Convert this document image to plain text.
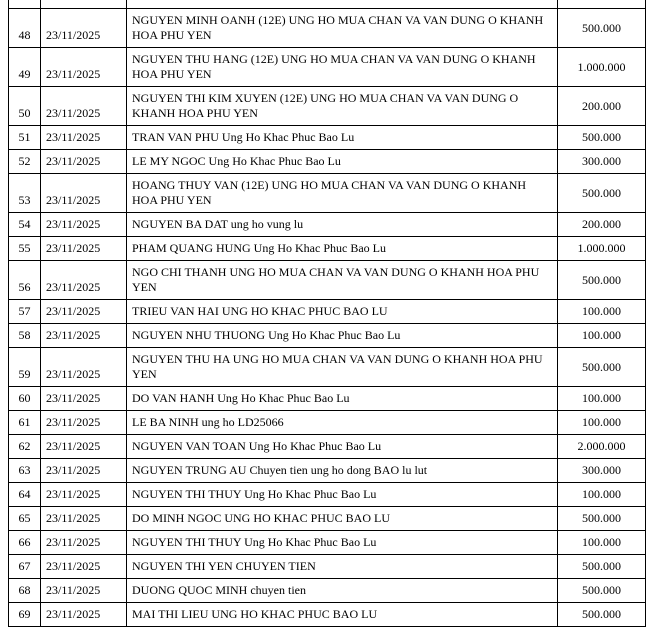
48	23/11/2025	NGUYEN MINH OANH (12E) UNG HO MUA CHAN VA VAN DUNG O KHANH HOA PHU YEN	500.000
49	23/11/2025	NGUYEN THU HANG (12E) UNG HO MUA CHAN VA VAN DUNG O KHANH HOA PHU YEN	1.000.000
50	23/11/2025	NGUYEN THI KIM XUYEN (12E) UNG HO MUA CHAN VA VAN DUNG O KHANH HOA PHU YEN	200.000
51	23/11/2025	TRAN VAN PHU Ung Ho Khac Phuc Bao Lu	500.000
52	23/11/2025	LE MY NGOC Ung Ho Khac Phuc Bao Lu	300.000
53	23/11/2025	HOANG THUY VAN (12E) UNG HO MUA CHAN VA VAN DUNG O KHANH HOA PHU YEN	500.000
54	23/11/2025	NGUYEN BA DAT ung ho vung lu	200.000
55	23/11/2025	PHAM QUANG HUNG Ung Ho Khac Phuc Bao Lu	1.000.000
56	23/11/2025	NGO CHI THANH UNG HO MUA CHAN VA VAN DUNG O KHANH HOA PHU YEN	500.000
57	23/11/2025	TRIEU VAN HAI UNG HO KHAC PHUC BAO LU	100.000
58	23/11/2025	NGUYEN NHU THUONG Ung Ho Khac Phuc Bao Lu	100.000
59	23/11/2025	NGUYEN THU HA UNG HO MUA CHAN VA VAN DUNG O KHANH HOA PHU YEN	500.000
60	23/11/2025	DO VAN HANH Ung Ho Khac Phuc Bao Lu	100.000
61	23/11/2025	LE BA NINH ung ho LD25066	100.000
62	23/11/2025	NGUYEN VAN TOAN Ung Ho Khac Phuc Bao Lu	2.000.000
63	23/11/2025	NGUYEN TRUNG AU Chuyen tien ung ho dong BAO lu lut	300.000
64	23/11/2025	NGUYEN THI THUY Ung Ho Khac Phuc Bao Lu	100.000
65	23/11/2025	DO MINH NGOC UNG HO KHAC PHUC BAO LU	500.000
66	23/11/2025	NGUYEN THI THUY Ung Ho Khac Phuc Bao Lu	100.000
67	23/11/2025	NGUYEN THI YEN CHUYEN TIEN	500.000
68	23/11/2025	DUONG QUOC MINH chuyen tien	500.000
69	23/11/2025	MAI THI LIEU UNG HO KHAC PHUC BAO LU	500.000
